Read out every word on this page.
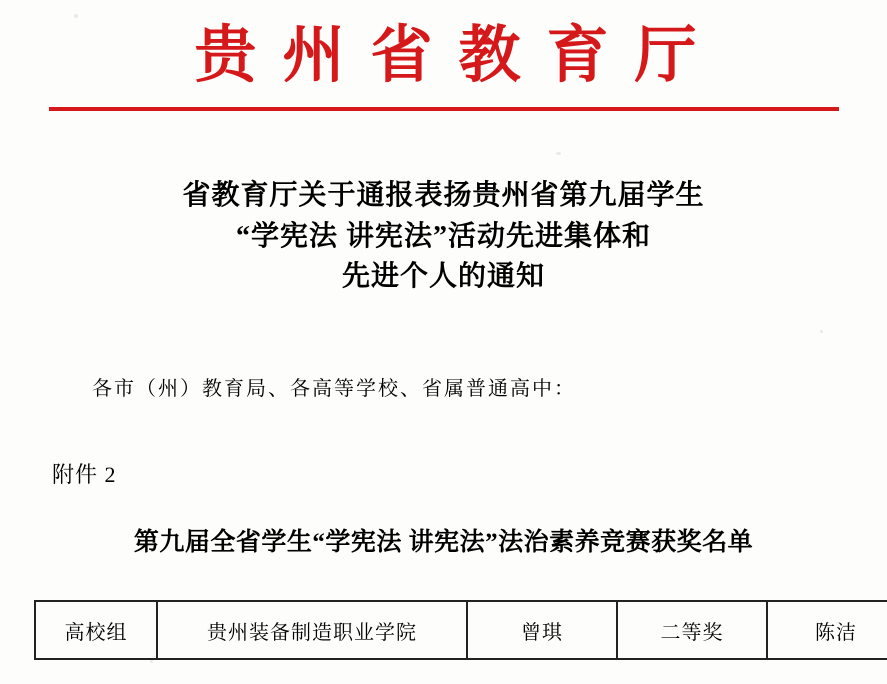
贵州省教育厅
省教育厅关于通报表扬贵州省第九届学生
“学宪法 讲宪法”活动先进集体和
先进个人的通知
各市（州）教育局、各高等学校、省属普通高中：
附件 2
第九届全省学生“学宪法 讲宪法”法治素养竞赛获奖名单
高校组	贵州装备制造职业学院	曾琪	二等奖	陈洁
